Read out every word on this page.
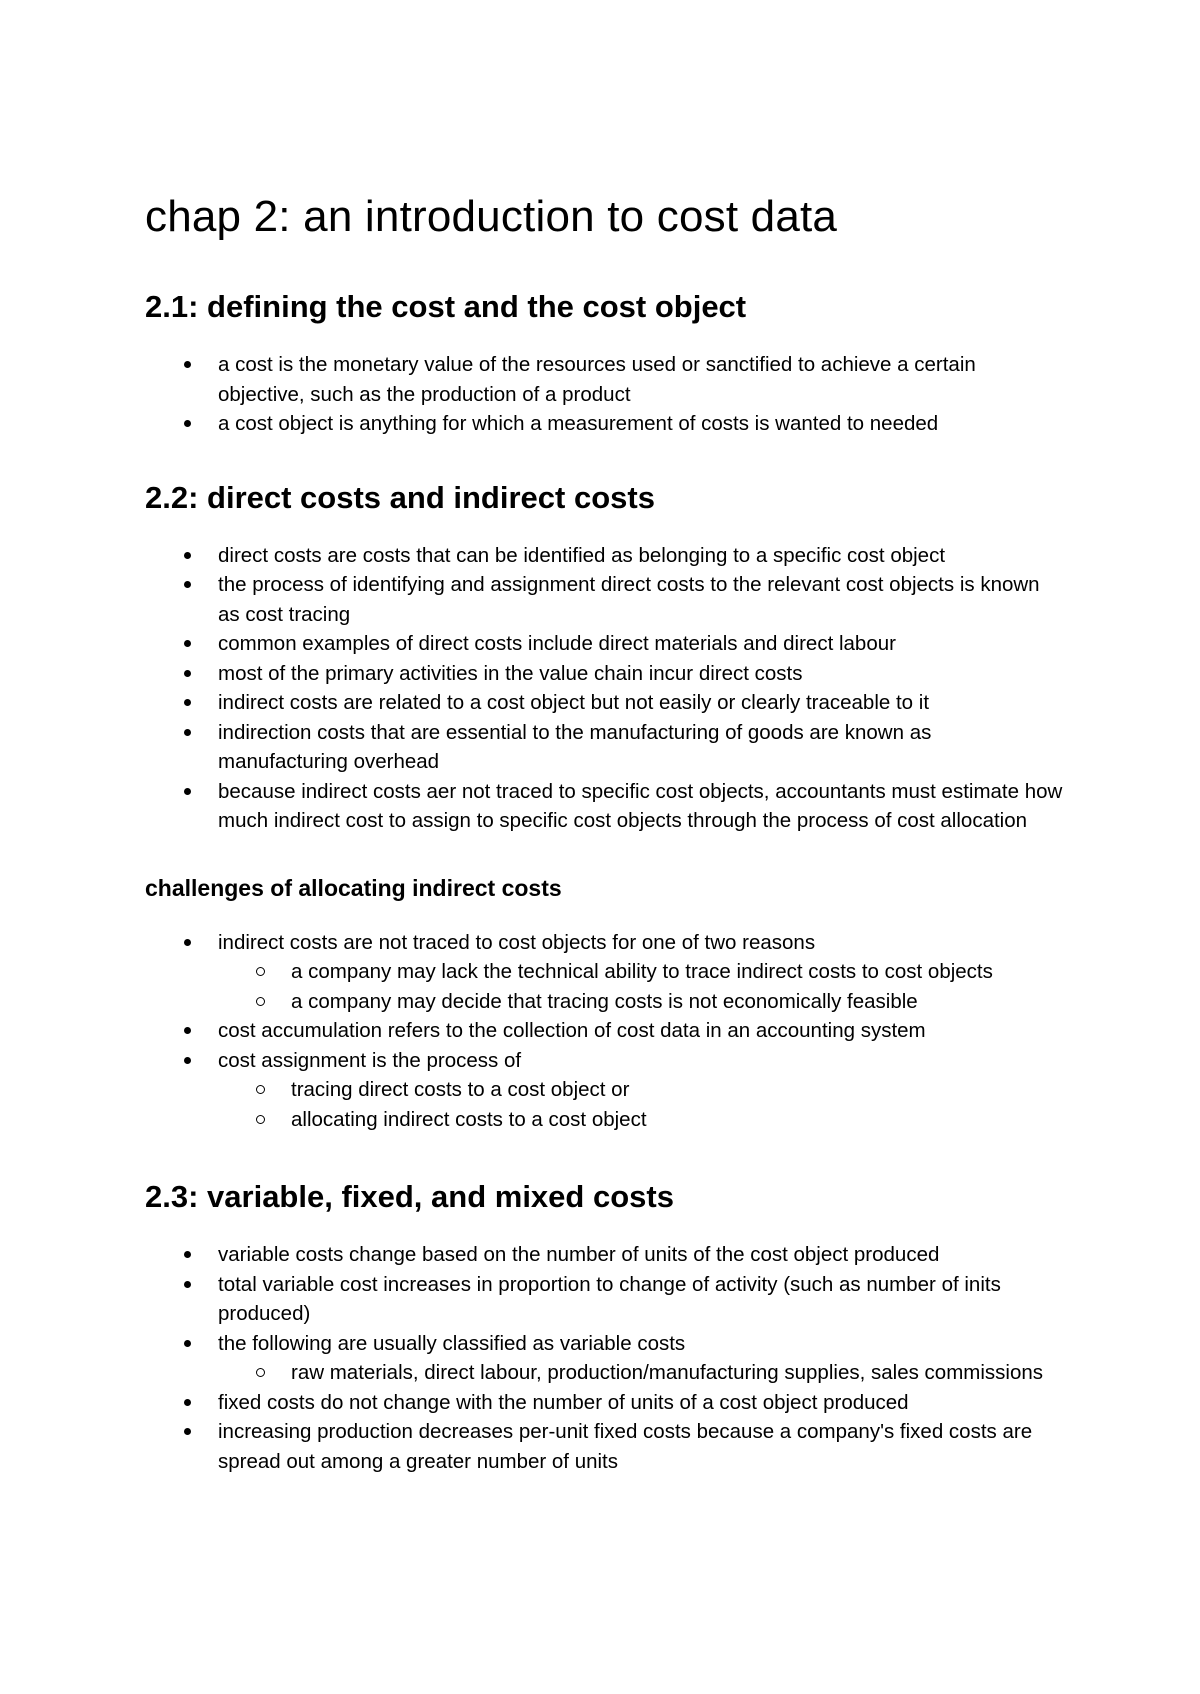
chap 2: an introduction to cost data
2.1: defining the cost and the cost object
a cost is the monetary value of the resources used or sanctified to achieve a certain objective, such as the production of a product
a cost object is anything for which a measurement of costs is wanted to needed
2.2: direct costs and indirect costs
direct costs are costs that can be identified as belonging to a specific cost object
the process of identifying and assignment direct costs to the relevant cost objects is known as cost tracing
common examples of direct costs include direct materials and direct labour
most of the primary activities in the value chain incur direct costs
indirect costs are related to a cost object but not easily or clearly traceable to it
indirection costs that are essential to the manufacturing of goods are known as manufacturing overhead
because indirect costs aer not traced to specific cost objects, accountants must estimate how much indirect cost to assign to specific cost objects through the process of cost allocation
challenges of allocating indirect costs
indirect costs are not traced to cost objects for one of two reasons
a company may lack the technical ability to trace indirect costs to cost objects
a company may decide that tracing costs is not economically feasible
cost accumulation refers to the collection of cost data in an accounting system
cost assignment is the process of
tracing direct costs to a cost object or
allocating indirect costs to a cost object
2.3: variable, fixed, and mixed costs
variable costs change based on the number of units of the cost object produced
total variable cost increases in proportion to change of activity (such as number of inits produced)
the following are usually classified as variable costs
raw materials, direct labour, production/manufacturing supplies, sales commissions
fixed costs do not change with the number of units of a cost object produced
increasing production decreases per-unit fixed costs because a company's fixed costs are spread out among a greater number of units
